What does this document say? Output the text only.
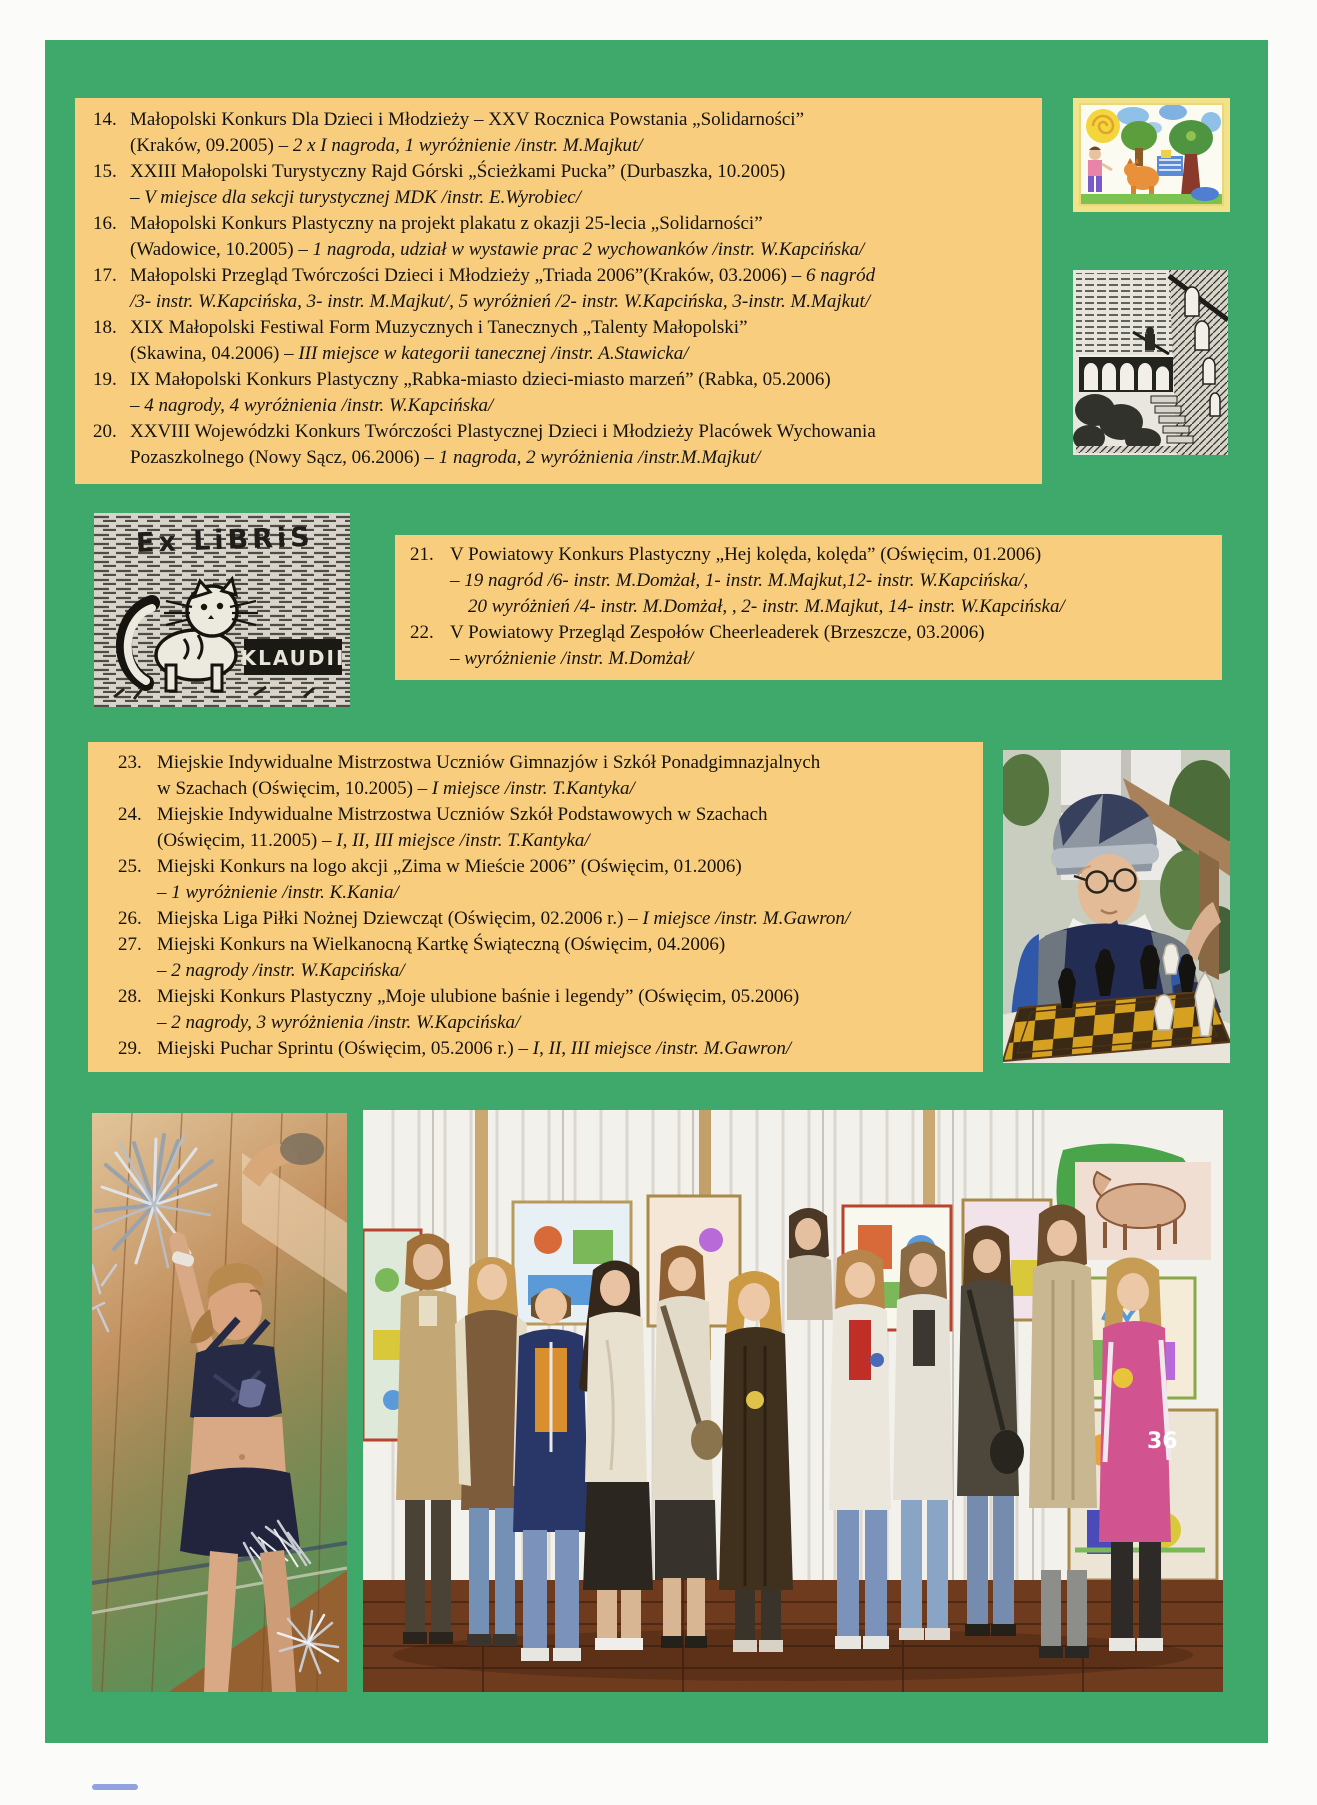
14. Małopolski Konkurs Dla Dzieci i Młodzieży – XXV Rocznica Powstania „Solidarności”
(Kraków, 09.2005) – 2 x I nagroda, 1 wyróżnienie /instr. M.Majkut/
15. XXIII Małopolski Turystyczny Rajd Górski „Ścieżkami Pucka” (Durbaszka, 10.2005)
– V miejsce dla sekcji turystycznej MDK /instr. E.Wyrobiec/
16. Małopolski Konkurs Plastyczny na projekt plakatu z okazji 25-lecia „Solidarności”
(Wadowice, 10.2005) – 1 nagroda, udział w wystawie prac 2 wychowanków /instr. W.Kapcińska/
17. Małopolski Przegląd Twórczości Dzieci i Młodzieży „Triada 2006”(Kraków, 03.2006) – 6 nagród
/3- instr. W.Kapcińska, 3- instr. M.Majkut/, 5 wyróżnień /2- instr. W.Kapcińska, 3-instr. M.Majkut/
18. XIX Małopolski Festiwal Form Muzycznych i Tanecznych „Talenty Małopolski”
(Skawina, 04.2006) – III miejsce w kategorii tanecznej /instr. A.Stawicka/
19. IX Małopolski Konkurs Plastyczny „Rabka-miasto dzieci-miasto marzeń” (Rabka, 05.2006)
– 4 nagrody, 4 wyróżnienia /instr. W.Kapcińska/
20. XXVIII Wojewódzki Konkurs Twórczości Plastycznej Dzieci i Młodzieży Placówek Wychowania
Pozaszkolnego (Nowy Sącz, 06.2006) – 1 nagroda, 2 wyróżnienia /instr.M.Majkut/
21. V Powiatowy Konkurs Plastyczny „Hej kolęda, kolęda” (Oświęcim, 01.2006)
– 19 nagród /6- instr. M.Domżał, 1- instr. M.Majkut,12- instr. W.Kapcińska/,
20 wyróżnień /4- instr. M.Domżał, , 2- instr. M.Majkut, 14- instr. W.Kapcińska/
22. V Powiatowy Przegląd Zespołów Cheerleaderek (Brzeszcze, 03.2006)
– wyróżnienie /instr. M.Domżał/
23. Miejskie Indywidualne Mistrzostwa Uczniów Gimnazjów i Szkół Ponadgimnazjalnych
w Szachach (Oświęcim, 10.2005) – I miejsce /instr. T.Kantyka/
24. Miejskie Indywidualne Mistrzostwa Uczniów Szkół Podstawowych w Szachach
(Oświęcim, 11.2005) – I, II, III miejsce /instr. T.Kantyka/
25. Miejski Konkurs na logo akcji „Zima w Mieście 2006” (Oświęcim, 01.2006)
– 1 wyróżnienie /instr. K.Kania/
26. Miejska Liga Piłki Nożnej Dziewcząt (Oświęcim, 02.2006 r.) – I miejsce /instr. M.Gawron/
27. Miejski Konkurs na Wielkanocną Kartkę Świąteczną (Oświęcim, 04.2006)
– 2 nagrody /instr. W.Kapcińska/
28. Miejski Konkurs Plastyczny „Moje ulubione baśnie i legendy” (Oświęcim, 05.2006)
– 2 nagrody, 3 wyróżnienia /instr. W.Kapcińska/
29. Miejski Puchar Sprintu (Oświęcim, 05.2006 r.) – I, II, III miejsce /instr. M.Gawron/
Ex LiBRiS
KLAUDII
36
